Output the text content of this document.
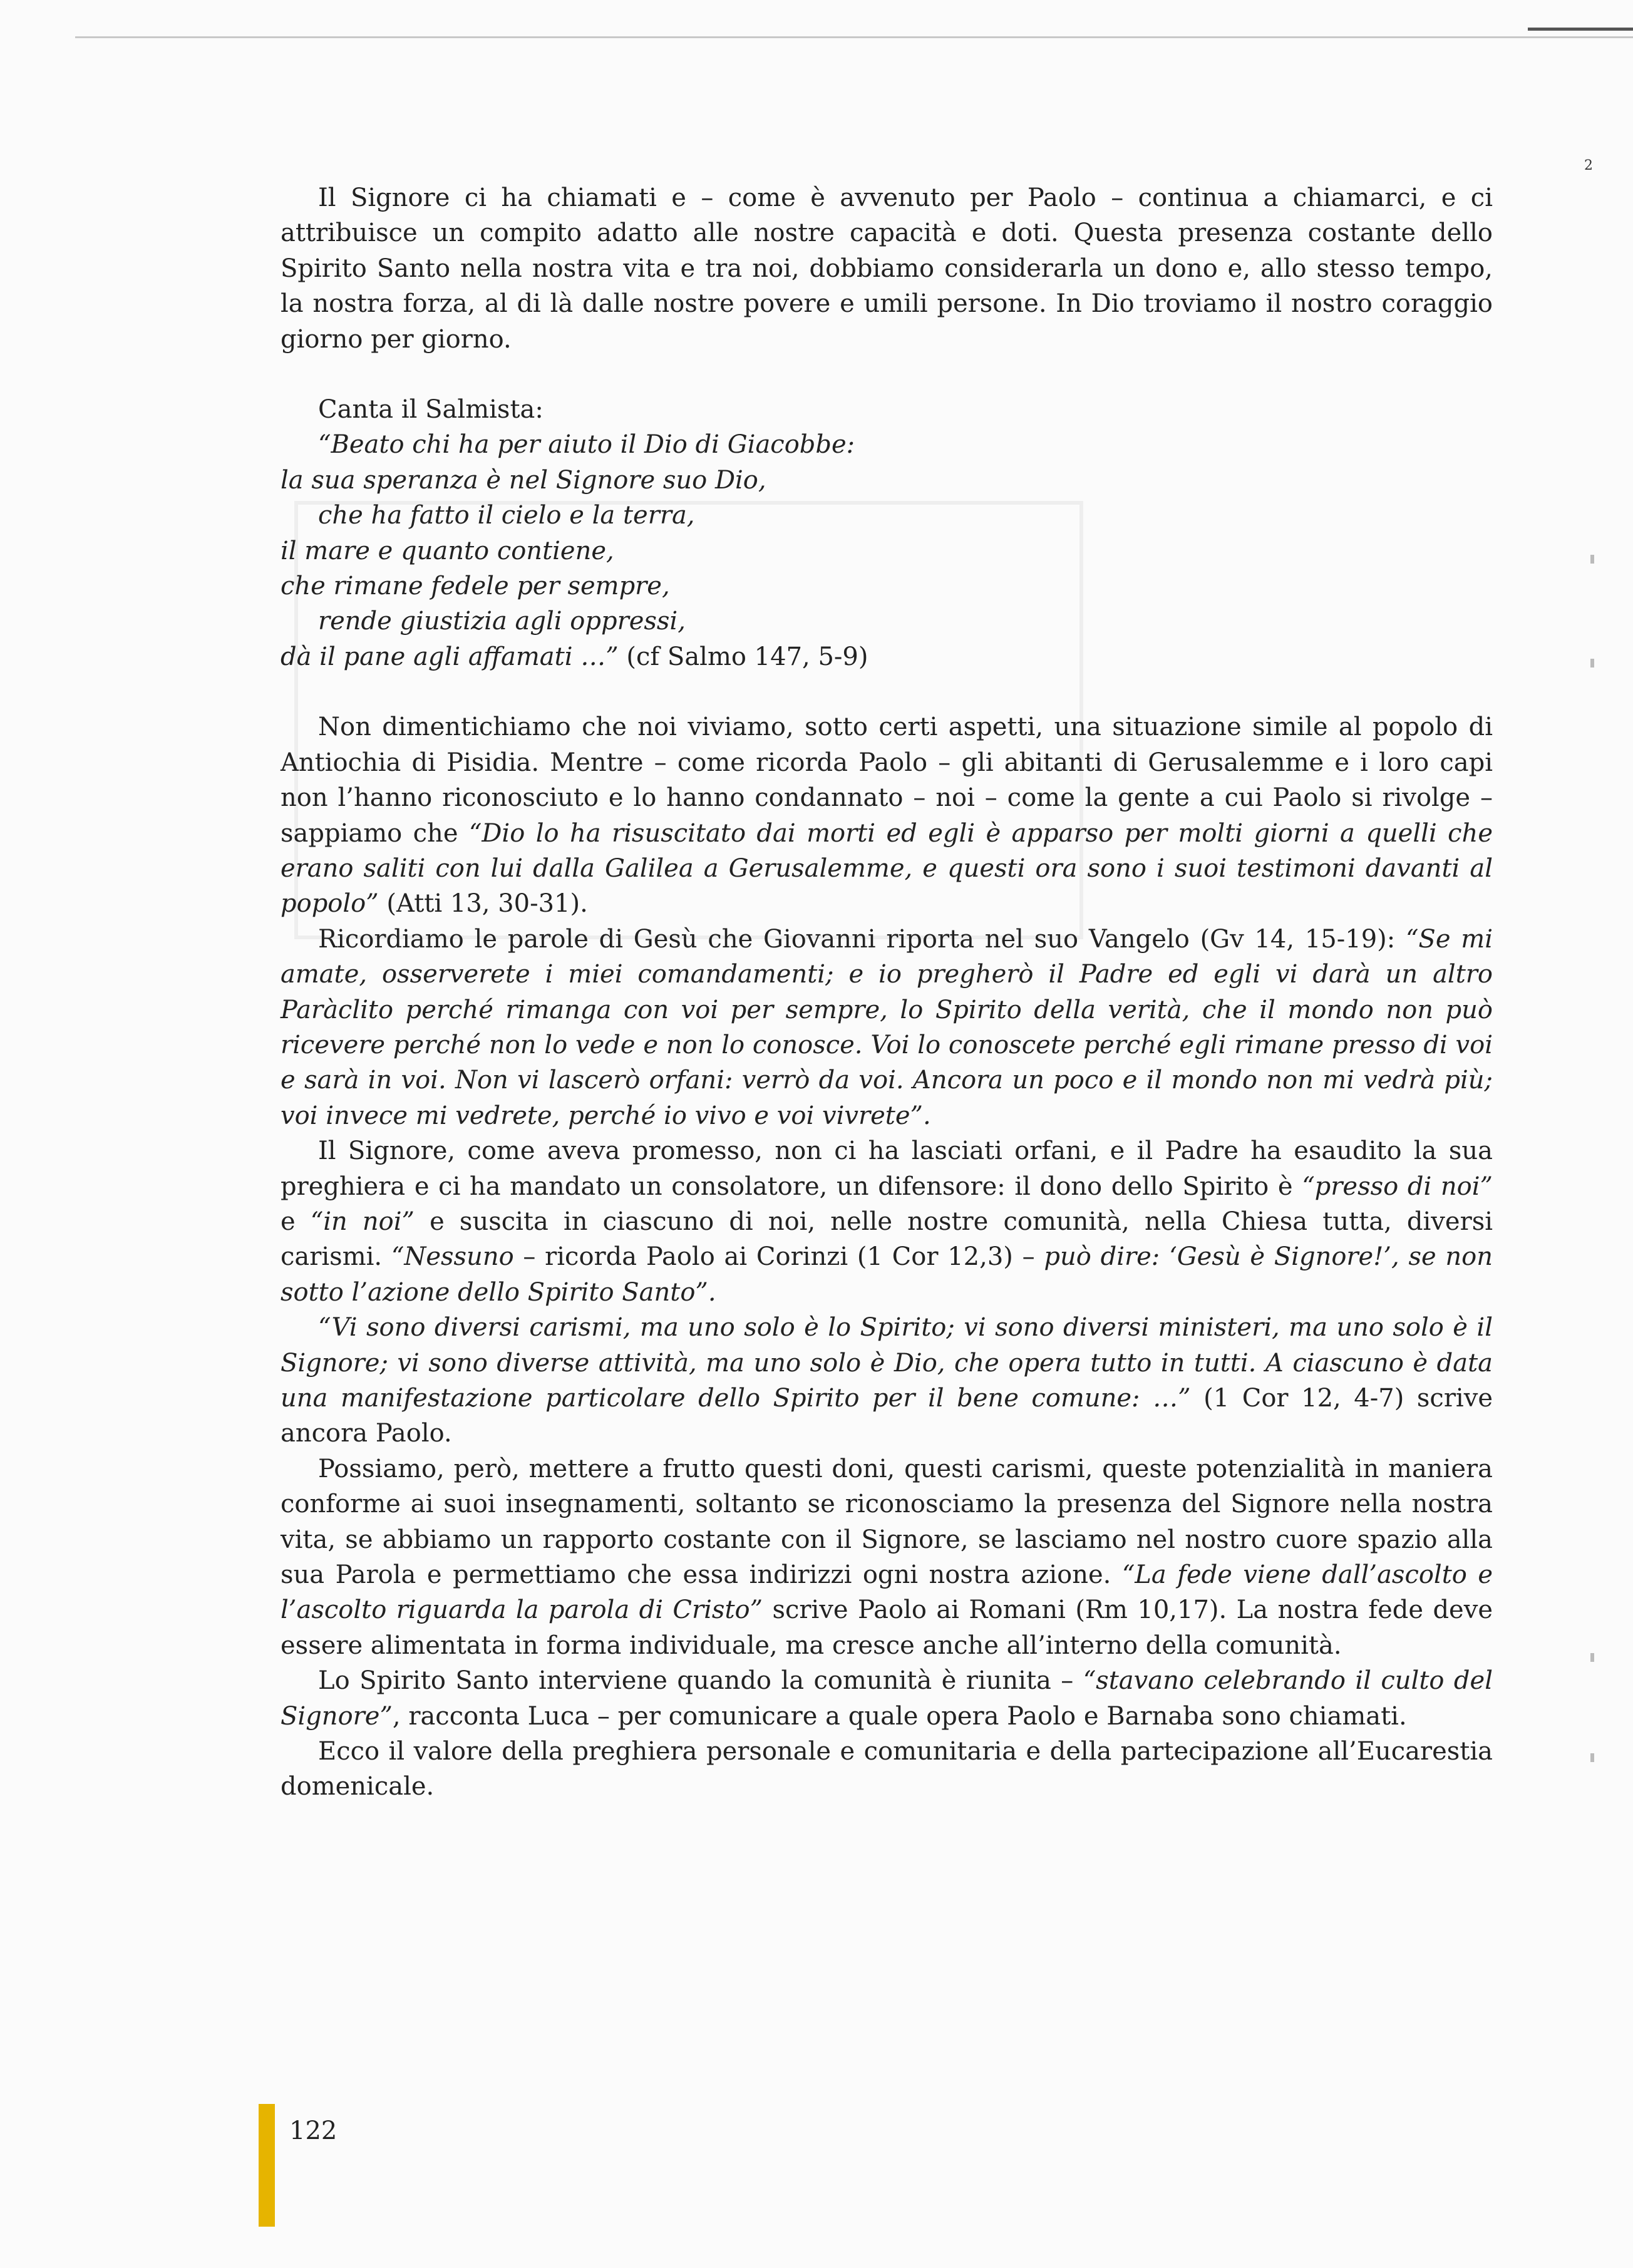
2

Il Signore ci ha chiamati e – come è avvenuto per Paolo – continua a chiamarci, e ci attribuisce un compito adatto alle nostre capacità e doti. Questa presenza costante dello Spirito Santo nella nostra vita e tra noi, dobbiamo considerarla un dono e, allo stesso tempo, la nostra forza, al di là dalle nostre povere e umili persone. In Dio troviamo il nostro coraggio giorno per giorno.

Canta il Salmista:

“Beato chi ha per aiuto il Dio di Giacobbe:

la sua speranza è nel Signore suo Dio,

che ha fatto il cielo e la terra,

il mare e quanto contiene,

che rimane fedele per sempre,

rende giustizia agli oppressi,

dà il pane agli affamati …” (cf Salmo 147, 5-9)

Non dimentichiamo che noi viviamo, sotto certi aspetti, una situazione simile al popolo di Antiochia di Pisidia. Mentre – come ricorda Paolo – gli abitanti di Gerusalemme e i loro capi non l’hanno riconosciuto e lo hanno condannato – noi – come la gente a cui Paolo si rivolge – sappiamo che “Dio lo ha risuscitato dai morti ed egli è apparso per molti giorni a quelli che erano saliti con lui dalla Galilea a Gerusalemme, e questi ora sono i suoi testimoni davanti al popolo” (Atti 13, 30-31).

Ricordiamo le parole di Gesù che Giovanni riporta nel suo Vangelo (Gv 14, 15-19): “Se mi amate, osserverete i miei comandamenti; e io pregherò il Padre ed egli vi darà un altro Paràclito perché rimanga con voi per sempre, lo Spirito della verità, che il mondo non può ricevere perché non lo vede e non lo conosce. Voi lo conoscete perché egli rimane presso di voi e sarà in voi. Non vi lascerò orfani: verrò da voi. Ancora un poco e il mondo non mi vedrà più; voi invece mi vedrete, perché io vivo e voi vivrete”.

Il Signore, come aveva promesso, non ci ha lasciati orfani, e il Padre ha esaudito la sua preghiera e ci ha mandato un consolatore, un difensore: il dono dello Spirito è “presso di noi” e “in noi” e suscita in ciascuno di noi, nelle nostre comunità, nella Chiesa tutta, diversi carismi. “Nessuno – ricorda Paolo ai Corinzi (1 Cor 12,3) – può dire: ‘Gesù è Signore!’, se non sotto l’azione dello Spirito Santo”.

“Vi sono diversi carismi, ma uno solo è lo Spirito; vi sono diversi ministeri, ma uno solo è il Signore; vi sono diverse attività, ma uno solo è Dio, che opera tutto in tutti. A ciascuno è data una manifestazione particolare dello Spirito per il bene comune: …” (1 Cor 12, 4-7) scrive ancora Paolo.

Possiamo, però, mettere a frutto questi doni, questi carismi, queste potenzialità in maniera conforme ai suoi insegnamenti, soltanto se riconosciamo la presenza del Signore nella nostra vita, se abbiamo un rapporto costante con il Signore, se lasciamo nel nostro cuore spazio alla sua Parola e permettiamo che essa indirizzi ogni nostra azione. “La fede viene dall’ascolto e l’ascolto riguarda la parola di Cristo” scrive Paolo ai Romani (Rm 10,17). La nostra fede deve essere alimentata in forma individuale, ma cresce anche all’interno della comunità.

Lo Spirito Santo interviene quando la comunità è riunita – “stavano celebrando il culto del Signore”, racconta Luca – per comunicare a quale opera Paolo e Barnaba sono chiamati.

Ecco il valore della preghiera personale e comunitaria e della partecipazione all’Eucarestia domenicale.

122
